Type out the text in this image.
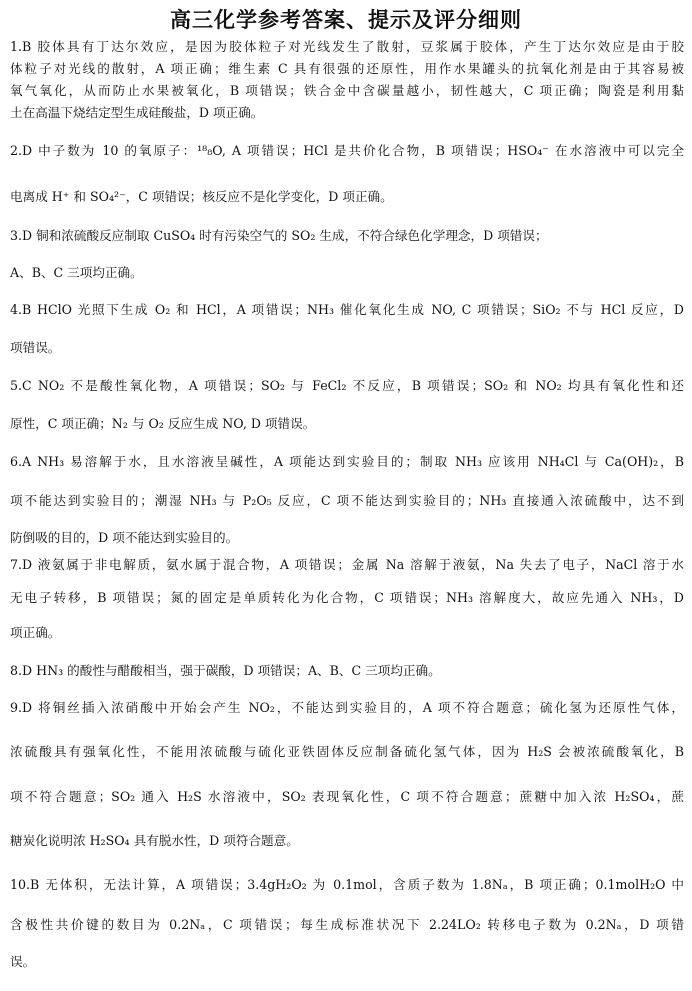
高三化学参考答案、提示及评分细则
1.B 胶体具有丁达尔效应，是因为胶体粒子对光线发生了散射，豆浆属于胶体，产生丁达尔效应是由于胶
体粒子对光线的散射，A 项正确；维生素 C 具有很强的还原性，用作水果罐头的抗氧化剂是由于其容易被
氧气氧化，从而防止水果被氧化，B 项错误；铁合金中含碳量越小，韧性越大，C 项正确；陶瓷是利用黏
土在高温下烧结定型生成硅酸盐，D 项正确。
2.D 中子数为 10 的氧原子：¹⁸₈O, A 项错误；HCl 是共价化合物，B 项错误；HSO₄⁻ 在水溶液中可以完全
电离成 H⁺ 和 SO₄²⁻，C 项错误；核反应不是化学变化，D 项正确。
3.D 铜和浓硫酸反应制取 CuSO₄ 时有污染空气的 SO₂ 生成，不符合绿色化学理念，D 项错误；
A、B、C 三项均正确。
4.B HClO 光照下生成 O₂ 和 HCl，A 项错误；NH₃ 催化氧化生成 NO, C 项错误；SiO₂ 不与 HCl 反应，D
项错误。
5.C NO₂ 不是酸性氧化物，A 项错误；SO₂ 与 FeCl₂ 不反应，B 项错误；SO₂ 和 NO₂ 均具有氧化性和还
原性，C 项正确；N₂ 与 O₂ 反应生成 NO, D 项错误。
6.A NH₃ 易溶解于水，且水溶液呈碱性，A 项能达到实验目的；制取 NH₃ 应该用 NH₄Cl 与 Ca(OH)₂，B
项不能达到实验目的；潮湿 NH₃ 与 P₂O₅ 反应，C 项不能达到实验目的；NH₃ 直接通入浓硫酸中，达不到
防倒吸的目的，D 项不能达到实验目的。
7.D 液氨属于非电解质，氨水属于混合物，A 项错误；金属 Na 溶解于液氨，Na 失去了电子，NaCl 溶于水
无电子转移，B 项错误；氮的固定是单质转化为化合物，C 项错误；NH₃ 溶解度大，故应先通入 NH₃，D
项正确。
8.D HN₃ 的酸性与醋酸相当，强于碳酸，D 项错误；A、B、C 三项均正确。
9.D 将铜丝插入浓硝酸中开始会产生 NO₂，不能达到实验目的，A 项不符合题意；硫化氢为还原性气体，
浓硫酸具有强氧化性，不能用浓硫酸与硫化亚铁固体反应制备硫化氢气体，因为 H₂S 会被浓硫酸氧化，B
项不符合题意；SO₂ 通入 H₂S 水溶液中，SO₂ 表现氧化性，C 项不符合题意；蔗糖中加入浓 H₂SO₄，蔗
糖炭化说明浓 H₂SO₄ 具有脱水性，D 项符合题意。
10.B 无体积，无法计算，A 项错误；3.4gH₂O₂ 为 0.1mol，含质子数为 1.8Nₐ，B 项正确；0.1molH₂O 中
含极性共价键的数目为 0.2Nₐ，C 项错误；每生成标准状况下 2.24LO₂ 转移电子数为 0.2Nₐ，D 项错
误。
